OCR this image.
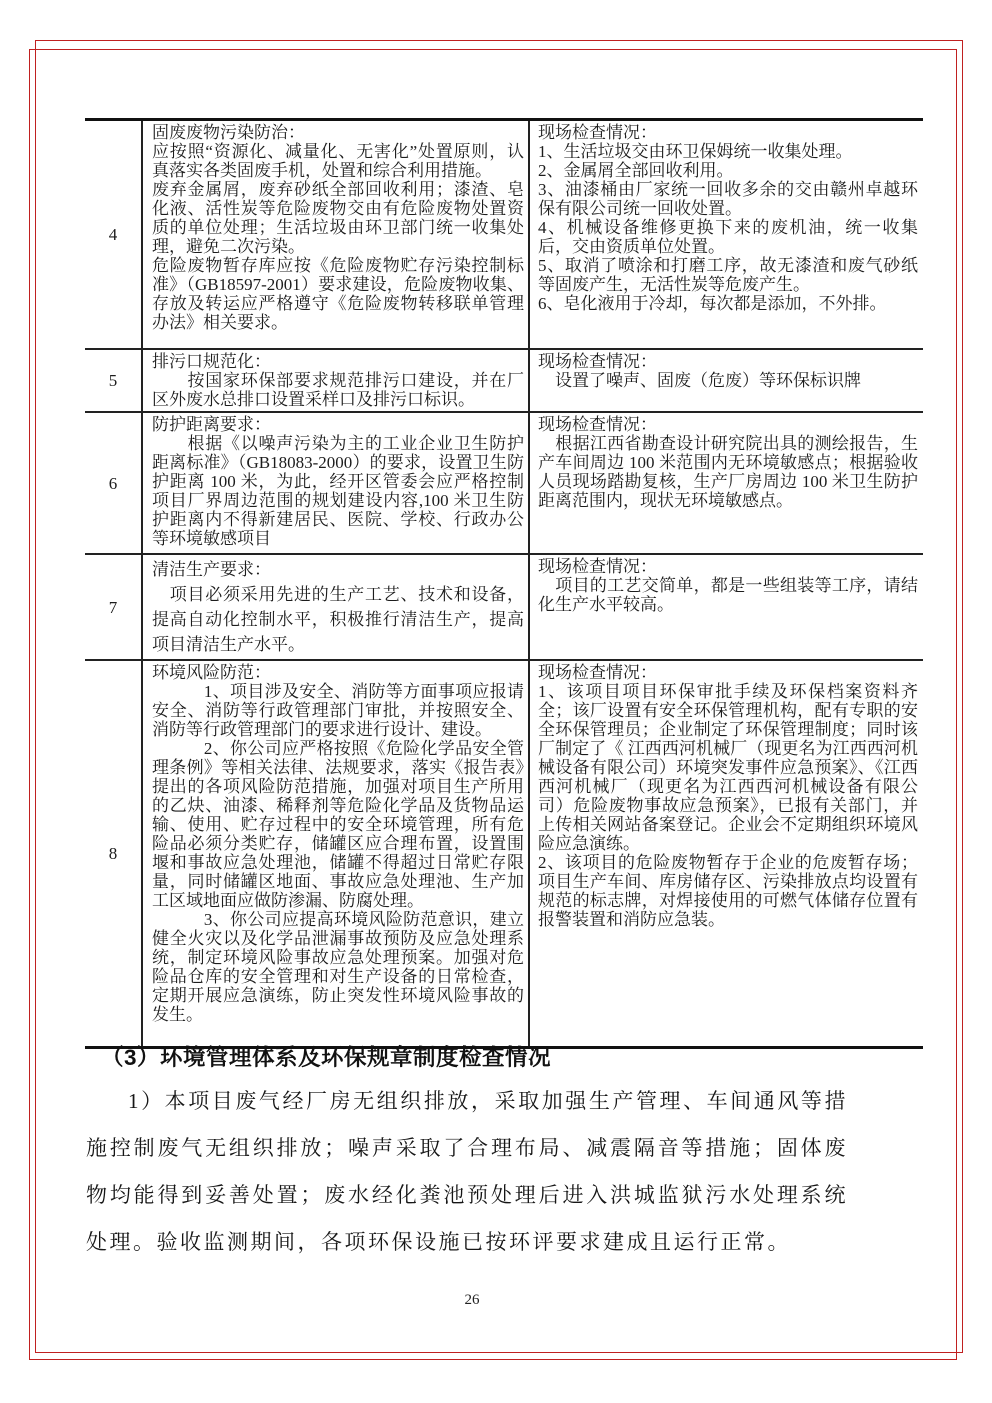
4
固废废物污染防治：
应按照“资源化、减量化、无害化”处置原则，认真落实各类固废手机，处置和综合利用措施。
废弃金属屑，废弃砂纸全部回收利用；漆渣、皂化液、活性炭等危险废物交由有危险废物处置资质的单位处理；生活垃圾由环卫部门统一收集处理，避免二次污染。
危险废物暂存库应按《危险废物贮存污染控制标准》（GB18597-2001）要求建设，危险废物收集、存放及转运应严格遵守《危险废物转移联单管理办法》相关要求。
现场检查情况：
1、生活垃圾交由环卫保姆统一收集处理。
2、金属屑全部回收利用。
3、油漆桶由厂家统一回收多余的交由赣州卓越环保有限公司统一回收处置。
4、机械设备维修更换下来的废机油，统一收集后，交由资质单位处置。
5、取消了喷涂和打磨工序，故无漆渣和废气砂纸等固废产生，无活性炭等危废产生。
6、皂化液用于冷却，每次都是添加，不外排。
5
排污口规范化：
　　按国家环保部要求规范排污口建设，并在厂区外废水总排口设置采样口及排污口标识。
现场检查情况：
　设置了噪声、固废（危废）等环保标识牌
6
防护距离要求：
　　根据《以噪声污染为主的工业企业卫生防护距离标准》（GB18083-2000）的要求，设置卫生防护距离 100 米，为此，经开区管委会应严格控制项目厂界周边范围的规划建设内容,100 米卫生防护距离内不得新建居民、医院、学校、行政办公等环境敏感项目
现场检查情况：
　根据江西省勘查设计研究院出具的测绘报告，生产车间周边 100 米范围内无环境敏感点；根据验收人员现场踏勘复核，生产厂房周边 100 米卫生防护距离范围内，现状无环境敏感点。
7
清洁生产要求：
　项目必须采用先进的生产工艺、技术和设备，提高自动化控制水平，积极推行清洁生产，提高项目清洁生产水平。
现场检查情况：
　项目的工艺交简单，都是一些组装等工序，请结化生产水平较高。
8
环境风险防范：
　　　1、项目涉及安全、消防等方面事项应报请安全、消防等行政管理部门审批，并按照安全、消防等行政管理部门的要求进行设计、建设。
　　　2、你公司应严格按照《危险化学品安全管理条例》等相关法律、法规要求，落实《报告表》提出的各项风险防范措施，加强对项目生产所用的乙炔、油漆、稀释剂等危险化学品及货物品运输、使用、贮存过程中的安全环境管理，所有危险品必须分类贮存，储罐区应合理布置，设置围堰和事故应急处理池，储罐不得超过日常贮存限量，同时储罐区地面、事故应急处理池、生产加工区域地面应做防渗漏、防腐处理。
　　　3、你公司应提高环境风险防范意识，建立健全火灾以及化学品泄漏事故预防及应急处理系统，制定环境风险事故应急处理预案。加强对危险品仓库的安全管理和对生产设备的日常检查，定期开展应急演练，防止突发性环境风险事故的发生。
现场检查情况：
1、该项目项目环保审批手续及环保档案资料齐全；该厂设置有安全环保管理机构，配有专职的安全环保管理员；企业制定了环保管理制度；同时该厂制定了《 江西西河机械厂（现更名为江西西河机械设备有限公司）环境突发事件应急预案》、《江西西河机械厂（现更名为江西西河机械设备有限公司）危险废物事故应急预案》，已报有关部门，并上传相关网站备案登记。企业会不定期组织环境风险应急演练。
2、该项目的危险废物暂存于企业的危废暂存场；项目生产车间、库房储存区、污染排放点均设置有规范的标志牌，对焊接使用的可燃气体储存位置有报警装置和消防应急装。
（3）环境管理体系及环保规章制度检查情况

1）本项目废气经厂房无组织排放，采取加强生产管理、车间通风等措施控制废气无组织排放；噪声采取了合理布局、减震隔音等措施；固体废物均能得到妥善处置；废水经化粪池预处理后进入洪城监狱污水处理系统处理。验收监测期间，各项环保设施已按环评要求建成且运行正常。

26
